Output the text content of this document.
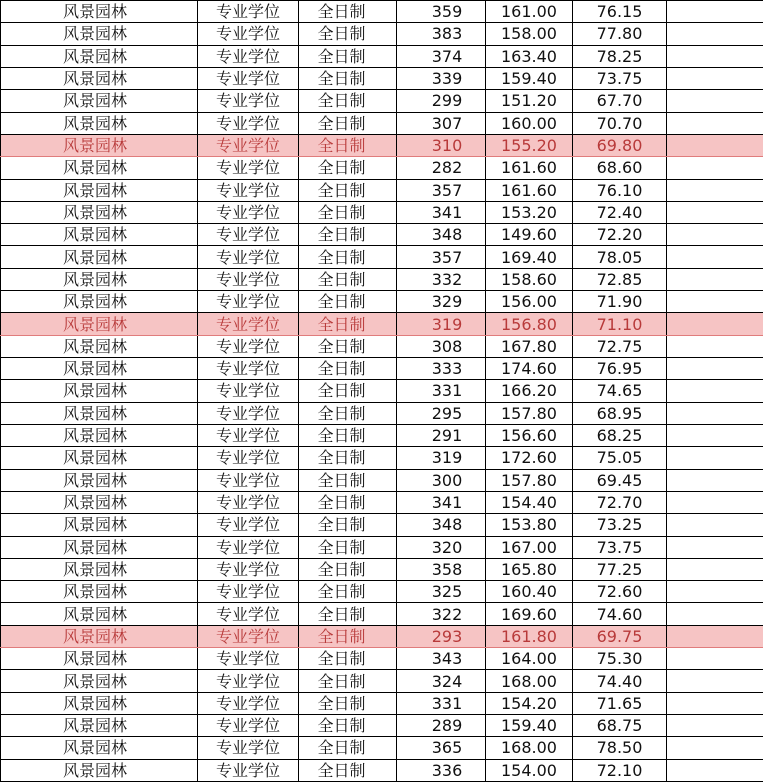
风景园林	专业学位	全日制	359	161.00	76.15	
风景园林	专业学位	全日制	383	158.00	77.80	
风景园林	专业学位	全日制	374	163.40	78.25	
风景园林	专业学位	全日制	339	159.40	73.75	
风景园林	专业学位	全日制	299	151.20	67.70	
风景园林	专业学位	全日制	307	160.00	70.70	
风景园林	专业学位	全日制	310	155.20	69.80	
风景园林	专业学位	全日制	282	161.60	68.60	
风景园林	专业学位	全日制	357	161.60	76.10	
风景园林	专业学位	全日制	341	153.20	72.40	
风景园林	专业学位	全日制	348	149.60	72.20	
风景园林	专业学位	全日制	357	169.40	78.05	
风景园林	专业学位	全日制	332	158.60	72.85	
风景园林	专业学位	全日制	329	156.00	71.90	
风景园林	专业学位	全日制	319	156.80	71.10	
风景园林	专业学位	全日制	308	167.80	72.75	
风景园林	专业学位	全日制	333	174.60	76.95	
风景园林	专业学位	全日制	331	166.20	74.65	
风景园林	专业学位	全日制	295	157.80	68.95	
风景园林	专业学位	全日制	291	156.60	68.25	
风景园林	专业学位	全日制	319	172.60	75.05	
风景园林	专业学位	全日制	300	157.80	69.45	
风景园林	专业学位	全日制	341	154.40	72.70	
风景园林	专业学位	全日制	348	153.80	73.25	
风景园林	专业学位	全日制	320	167.00	73.75	
风景园林	专业学位	全日制	358	165.80	77.25	
风景园林	专业学位	全日制	325	160.40	72.60	
风景园林	专业学位	全日制	322	169.60	74.60	
风景园林	专业学位	全日制	293	161.80	69.75	
风景园林	专业学位	全日制	343	164.00	75.30	
风景园林	专业学位	全日制	324	168.00	74.40	
风景园林	专业学位	全日制	331	154.20	71.65	
风景园林	专业学位	全日制	289	159.40	68.75	
风景园林	专业学位	全日制	365	168.00	78.50	
风景园林	专业学位	全日制	336	154.00	72.10	
